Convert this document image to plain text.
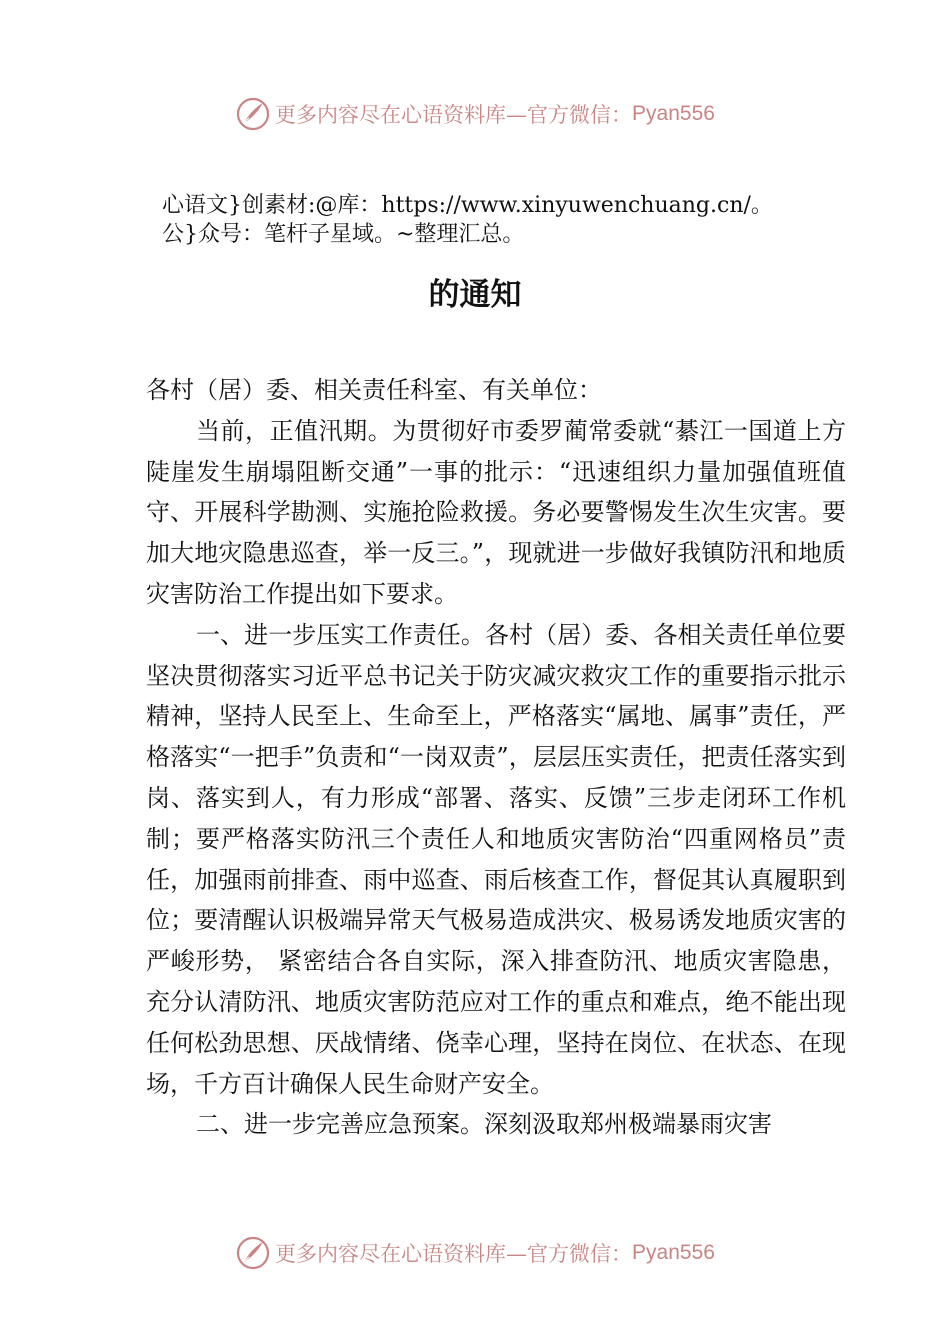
更多内容尽在心语资料库—官方微信： Pyan556
心语文}创素材:@库：https://www.xinyuwenchuang.cn/。
公}众号：笔杆子星域。~整理汇总。
的通知

各村（居）委、相关责任科室、有关单位：

当前，正值汛期。为贯彻好市委罗蔺常委就“綦江一国道上方陡崖发生崩塌阻断交通”一事的批示：“迅速组织力量加强值班值守、开展科学勘测、实施抢险救援。务必要警惕发生次生灾害。要加大地灾隐患巡查，举一反三。”，现就进一步做好我镇防汛和地质灾害防治工作提出如下要求。

一、进一步压实工作责任。各村（居）委、各相关责任单位要坚决贯彻落实习近平总书记关于防灾减灾救灾工作的重要指示批示精神，坚持人民至上、生命至上，严格落实“属地、属事”责任，严格落实“一把手”负责和“一岗双责”，层层压实责任，把责任落实到岗、落实到人，有力形成“部署、落实、反馈”三步走闭环工作机制；要严格落实防汛三个责任人和地质灾害防治“四重网格员”责任，加强雨前排查、雨中巡查、雨后核查工作，督促其认真履职到位；要清醒认识极端异常天气极易造成洪灾、极易诱发地质灾害的严峻形势， 紧密结合各自实际，深入排查防汛、地质灾害隐患，充分认清防汛、地质灾害防范应对工作的重点和难点，绝不能出现任何松劲思想、厌战情绪、侥幸心理，坚持在岗位、在状态、在现场，千方百计确保人民生命财产安全。

二、进一步完善应急预案。深刻汲取郑州极端暴雨灾害

更多内容尽在心语资料库—官方微信： Pyan556
